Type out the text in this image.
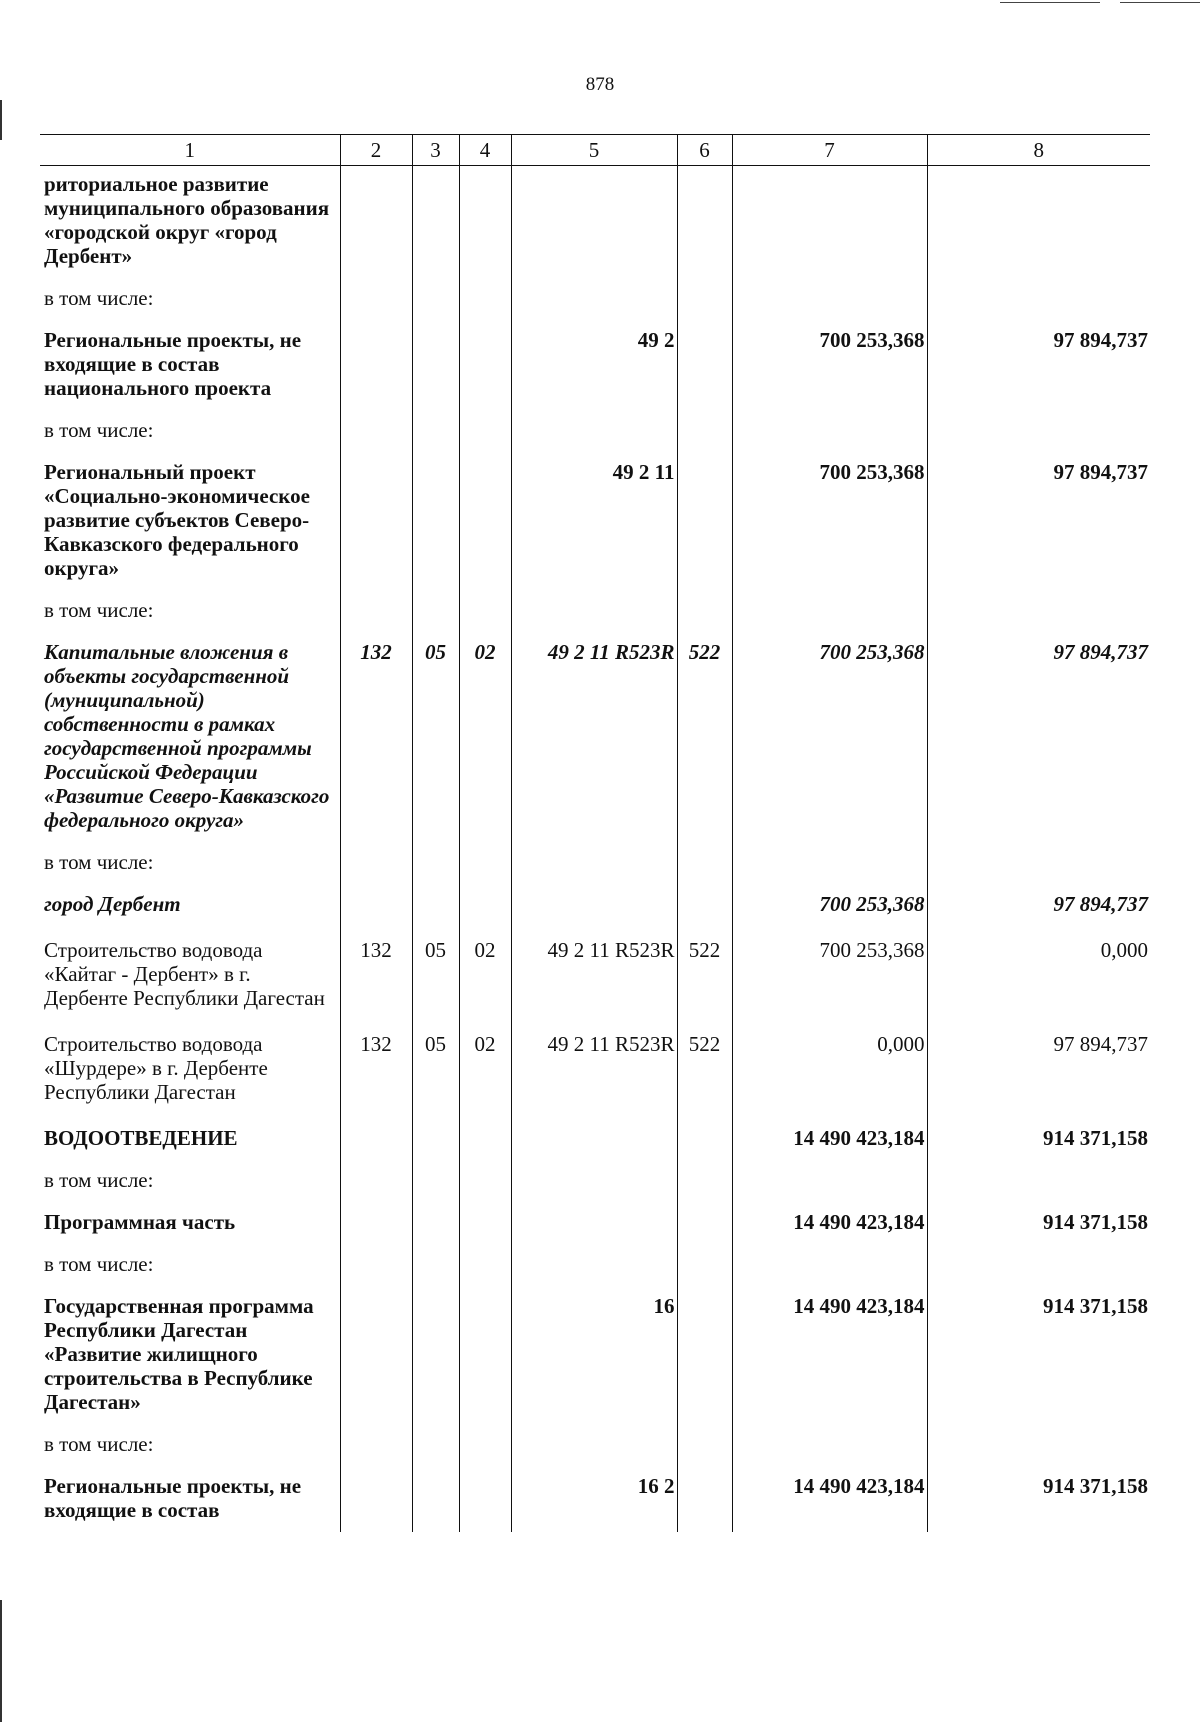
878
1	2	3	4	5	6	7	8
риториальное развитие муниципального образования «городской округ «город Дербент»							
в том числе:							
Региональные проекты, не входящие в состав национального проекта				49 2		700 253,368	97 894,737
в том числе:							
Региональный проект «Социально-экономическое развитие субъектов Северо-Кавказского федерального округа»				49 2 11		700 253,368	97 894,737
в том числе:							
Капитальные вложения в объекты государственной (муниципальной) собственности в рамках государственной программы Российской Федерации «Развитие Северо-Кавказского федерального округа»	132	05	02	49 2 11 R523R	522	700 253,368	97 894,737
в том числе:							
город Дербент						700 253,368	97 894,737
Строительство водовода «Кайтаг - Дербент» в г. Дербенте Республики Дагестан	132	05	02	49 2 11 R523R	522	700 253,368	0,000
Строительство водовода «Шурдере» в г. Дербенте Республики Дагестан	132	05	02	49 2 11 R523R	522	0,000	97 894,737
ВОДООТВЕДЕНИЕ						14 490 423,184	914 371,158
в том числе:							
Программная часть						14 490 423,184	914 371,158
в том числе:							
Государственная программа Республики Дагестан «Развитие жилищного строительства в Республике Дагестан»				16		14 490 423,184	914 371,158
в том числе:							
Региональные проекты, не входящие в состав				16 2		14 490 423,184	914 371,158
